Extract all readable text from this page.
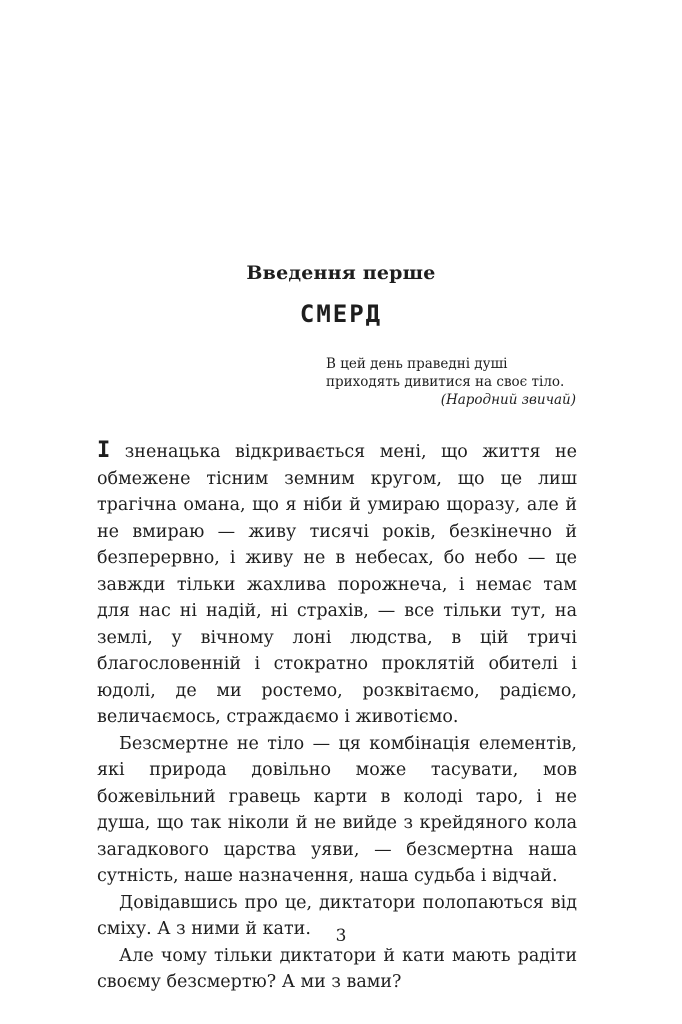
Введення перше
СМЕРД
В цей день праведні душі приходять дивитися на своє тіло.
(Народний звичай)

І зненацька відкривається мені, що життя не обмежене тісним земним кругом, що це лиш трагічна омана, що я ніби й умираю щоразу, але й не вмираю — живу тисячі років, безкінечно й безперервно, і живу не в небесах, бо небо — це завжди тільки жахлива порожнеча, і немає там для нас ні надій, ні страхів, — все тільки тут, на землі, у вічному лоні людства, в цій тричі благословенній і стократно проклятій обителі і юдолі, де ми ростемо, розквітаємо, радіємо, величаємось, страждаємо і животіємо.

Безсмертне не тіло — ця комбінація елементів, які природа довільно може тасувати, мов божевільний гравець карти в колоді таро, і не душа, що так ніколи й не вийде з крейдяного кола загадкового царства уяви, — безсмертна наша сутність, наше назначення, наша судьба і відчай.

Довідавшись про це, диктатори полопаються від сміху. А з ними й кати.

Але чому тільки диктатори й кати мають радіти своєму безсмертю? А ми з вами?

3
